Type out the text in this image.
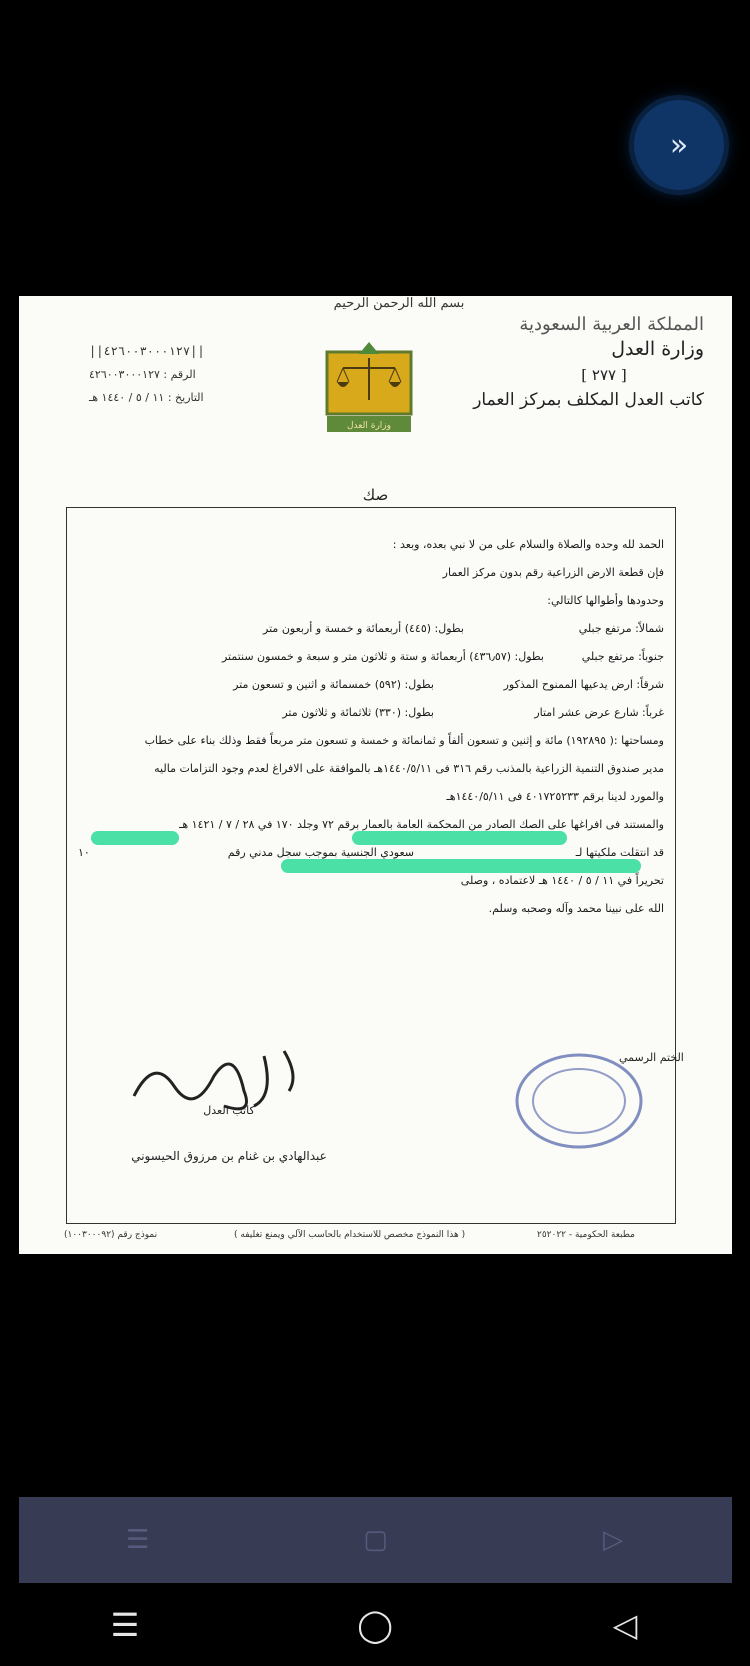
»
بسم الله الرحمن الرحيم
المملكة العربية السعودية
وزارة العدل
[ ٢٧٧ ]
كاتب العدل المكلف بمركز العمار
وزارة العدل
||٤٢٦٠٠٣٠٠٠١٢٧||
الرقم : ٤٢٦٠٠٣٠٠٠١٢٧
التاريخ : ١١ / ٥ / ١٤٤٠ هـ
صك
الحمد لله وحده والصلاة والسلام على من لا نبي بعده، وبعد :
فإن قطعة الارض الزراعية رقم بدون مركز العمار
وحدودها وأطوالها كالتالي:
شمالاً: مرتفع جبلي
بطول: (٤٤٥) أربعمائة و خمسة و أربعون متر
جنوباً: مرتفع جبلي
بطول: (٤٣٦٫٥٧) أربعمائة و ستة و ثلاثون متر و سبعة و خمسون سنتمتر
شرقاً: ارض يدعيها الممنوح المذكور
بطول: (٥٩٢) خمسمائة و اثنين و تسعون متر
غرباً: شارع عرض عشر امتار
بطول: (٣٣٠) ثلاثمائة و ثلاثون متر
ومساحتها :( ١٩٢٨٩٥) مائة و إثنين و تسعون ألفاً و ثمانمائة و خمسة و تسعون متر مربعاً فقط وذلك بناء على خطاب
مدير صندوق التنمية الزراعية بالمذنب رقم ٣١٦ فى ١٤٤٠/٥/١١هـ بالموافقة على الافراغ لعدم وجود التزامات ماليه
والمورد لدينا برقم ٤٠١٧٢٥٢٣٣ فى ١٤٤٠/٥/١١هـ
والمستند فى افراغها على الصك الصادر من المحكمة العامة بالعمار برقم ٧٢ وجلد ١٧٠ في ٢٨ / ٧ / ١٤٢١ هـ
قد انتقلت ملكيتها لـ
سعودي الجنسية بموجب سجل مدني رقم
١٠
تحريراً في ١١ / ٥ / ١٤٤٠ هـ لاعتماده ، وصلى
الله على نبينا محمد وآله وصحبه وسلم.
كاتب العدل
عبدالهادي بن غنام بن مرزوق الحيسوني
الختم الرسمي
نموذج رقم (١٠٠٣٠٠٠٩٢)	( هذا النموذج مخصص للاستخدام بالحاسب الآلي ويمنع تغليفه )	مطبعة الحكومية - ٢٥٢٠٢٢
☰	▢	▷
☰	◯	◁
